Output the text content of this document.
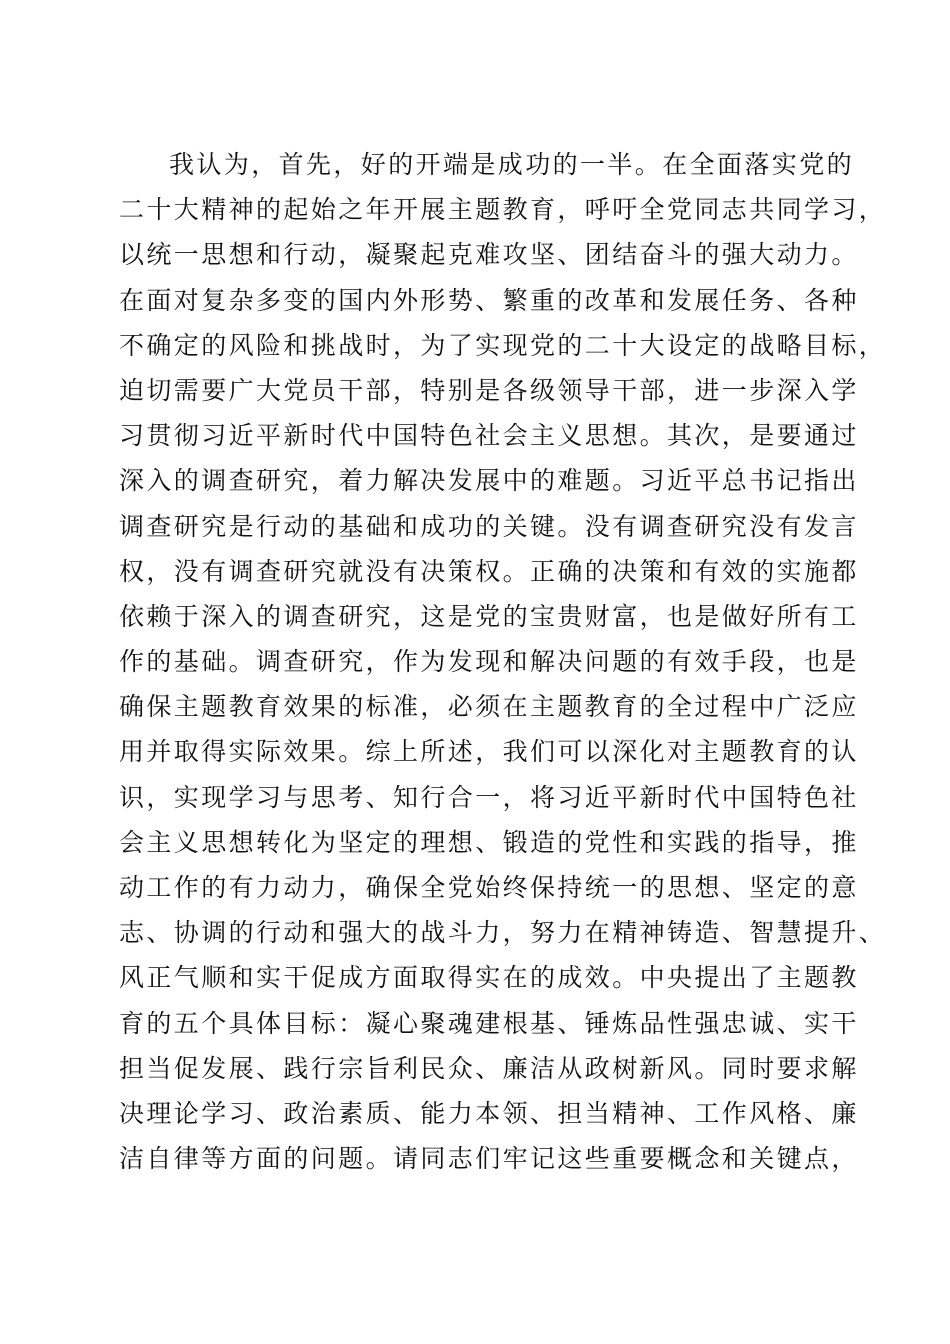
我认为，首先，好的开端是成功的一半。在全面落实党的
二十大精神的起始之年开展主题教育，呼吁全党同志共同学习，
以统一思想和行动，凝聚起克难攻坚、团结奋斗的强大动力。
在面对复杂多变的国内外形势、繁重的改革和发展任务、各种
不确定的风险和挑战时，为了实现党的二十大设定的战略目标，
迫切需要广大党员干部，特别是各级领导干部，进一步深入学
习贯彻习近平新时代中国特色社会主义思想。其次，是要通过
深入的调查研究，着力解决发展中的难题。习近平总书记指出
调查研究是行动的基础和成功的关键。没有调查研究没有发言
权，没有调查研究就没有决策权。正确的决策和有效的实施都
依赖于深入的调查研究，这是党的宝贵财富，也是做好所有工
作的基础。调查研究，作为发现和解决问题的有效手段，也是
确保主题教育效果的标准，必须在主题教育的全过程中广泛应
用并取得实际效果。综上所述，我们可以深化对主题教育的认
识，实现学习与思考、知行合一，将习近平新时代中国特色社
会主义思想转化为坚定的理想、锻造的党性和实践的指导，推
动工作的有力动力，确保全党始终保持统一的思想、坚定的意
志、协调的行动和强大的战斗力，努力在精神铸造、智慧提升、
风正气顺和实干促成方面取得实在的成效。中央提出了主题教
育的五个具体目标：凝心聚魂建根基、锤炼品性强忠诚、实干
担当促发展、践行宗旨利民众、廉洁从政树新风。同时要求解
决理论学习、政治素质、能力本领、担当精神、工作风格、廉
洁自律等方面的问题。请同志们牢记这些重要概念和关键点，
